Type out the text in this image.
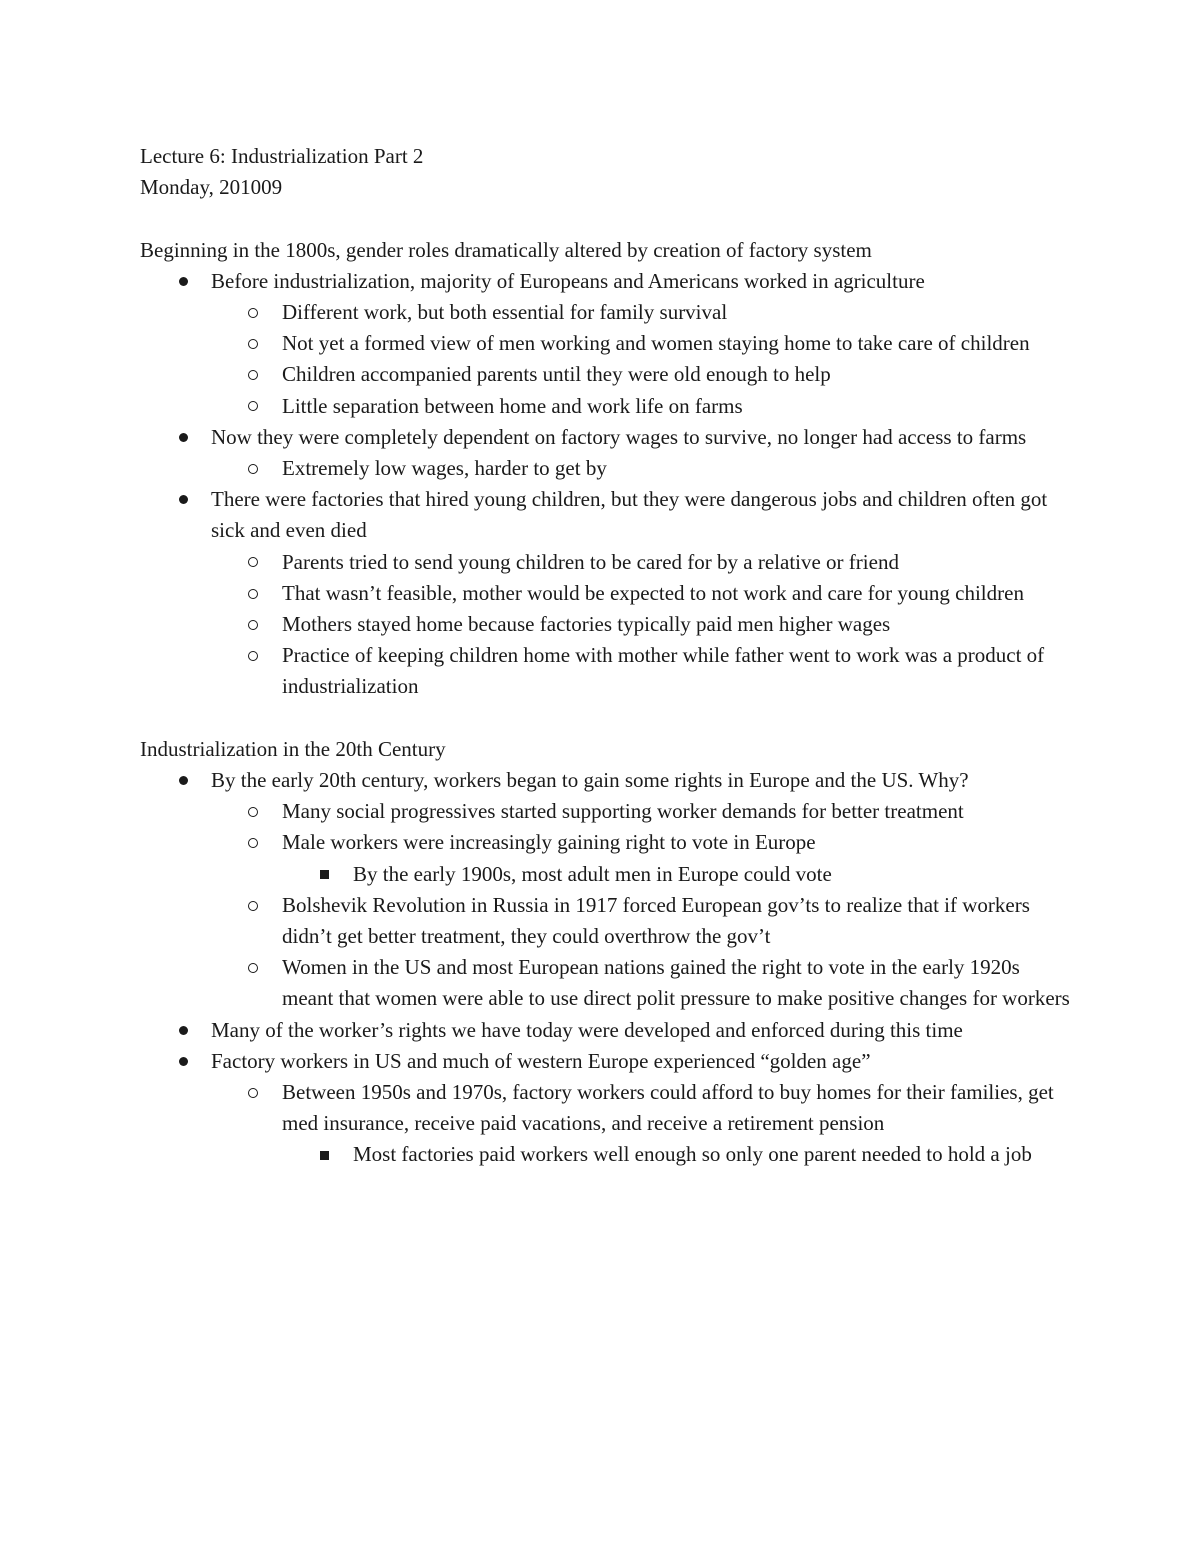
Lecture 6: Industrialization Part 2
Monday, 201009
Beginning in the 1800s, gender roles dramatically altered by creation of factory system
Before industrialization, majority of Europeans and Americans worked in agriculture
Different work, but both essential for family survival
Not yet a formed view of men working and women staying home to take care of children
Children accompanied parents until they were old enough to help
Little separation between home and work life on farms
Now they were completely dependent on factory wages to survive, no longer had access to farms
Extremely low wages, harder to get by
There were factories that hired young children, but they were dangerous jobs and children often got sick and even died
Parents tried to send young children to be cared for by a relative or friend
That wasn’t feasible, mother would be expected to not work and care for young children
Mothers stayed home because factories typically paid men higher wages
Practice of keeping children home with mother while father went to work was a product of industrialization
Industrialization in the 20th Century
By the early 20th century, workers began to gain some rights in Europe and the US. Why?
Many social progressives started supporting worker demands for better treatment
Male workers were increasingly gaining right to vote in Europe
By the early 1900s, most adult men in Europe could vote
Bolshevik Revolution in Russia in 1917 forced European gov’ts to realize that if workers didn’t get better treatment, they could overthrow the gov’t
Women in the US and most European nations gained the right to vote in the early 1920s meant that women were able to use direct polit pressure to make positive changes for workers
Many of the worker’s rights we have today were developed and enforced during this time
Factory workers in US and much of western Europe experienced “golden age”
Between 1950s and 1970s, factory workers could afford to buy homes for their families, get med insurance, receive paid vacations, and receive a retirement pension
Most factories paid workers well enough so only one parent needed to hold a job
